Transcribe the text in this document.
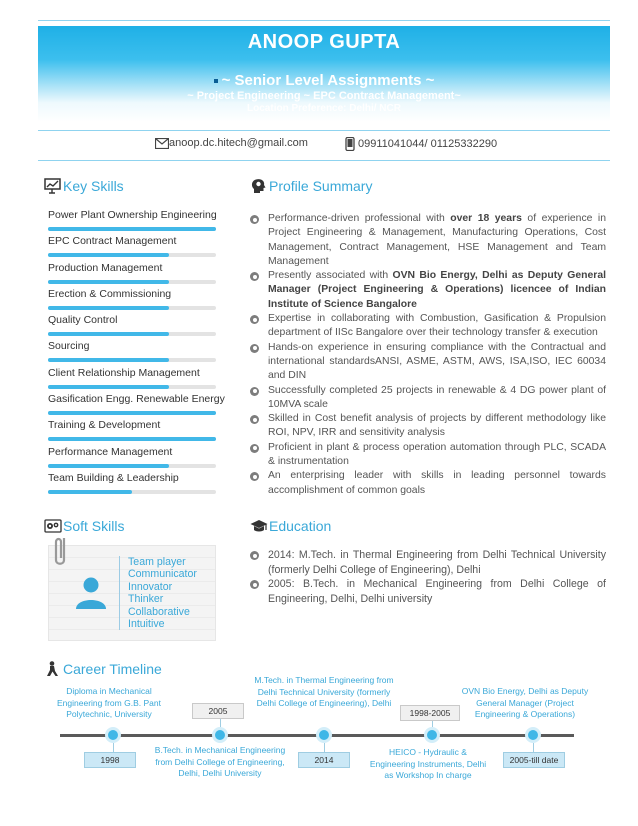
ANOOP GUPTA
~ Senior Level Assignments ~
~ Project Engineering ~ EPC Contract Management~
Location Preference: Delhi/ NCR
anoop.dc.hitech@gmail.com	09911041044/ 01125332290
Key Skills
Power Plant Ownership Engineering
EPC Contract Management
Production Management
Erection & Commissioning
Quality Control
Sourcing
Client Relationship Management
Gasification Engg. Renewable Energy
Training & Development
Performance Management
Team Building & Leadership
Profile Summary
Performance-driven professional with over 18 years of experience in Project Engineering & Management, Manufacturing Operations, Cost Management, Contract Management, HSE Management and Team Management
Presently associated with OVN Bio Energy, Delhi as Deputy General Manager (Project Engineering & Operations) licencee of Indian Institute of Science Bangalore
Expertise in collaborating with Combustion, Gasification & Propulsion department of IISc Bangalore over their technology transfer & execution
Hands-on experience in ensuring compliance with the Contractual and international standardsANSI, ASME, ASTM, AWS, ISA,ISO, IEC 60034 and DIN
Successfully completed 25 projects in renewable & 4 DG power plant of 10MVA scale
Skilled in Cost benefit analysis of projects by different methodology like ROI, NPV, IRR and sensitivity analysis
Proficient in plant & process operation automation through PLC, SCADA & instrumentation
An enterprising leader with skills in leading personnel towards accomplishment of common goals
Soft Skills
Team player
Communicator
Innovator
Thinker
Collaborative
Intuitive
Education
2014: M.Tech. in Thermal Engineering from Delhi Technical University (formerly Delhi College of Engineering), Delhi
2005: B.Tech. in Mechanical Engineering from Delhi College of Engineering, Delhi, Delhi university
Career Timeline
1998
Diploma in Mechanical Engineering from G.B. Pant Polytechnic, University	2005
B.Tech. in Mechanical Engineering from Delhi College of Engineering, Delhi, Delhi University
2014
M.Tech. in Thermal Engineering from Delhi Technical University (formerly Delhi College of Engineering), Delhi
1998-2005
HEICO - Hydraulic & Engineering Instruments, Delhi as Workshop In charge
2005-till date
OVN Bio Energy, Delhi as Deputy General Manager (Project Engineering & Operations)
